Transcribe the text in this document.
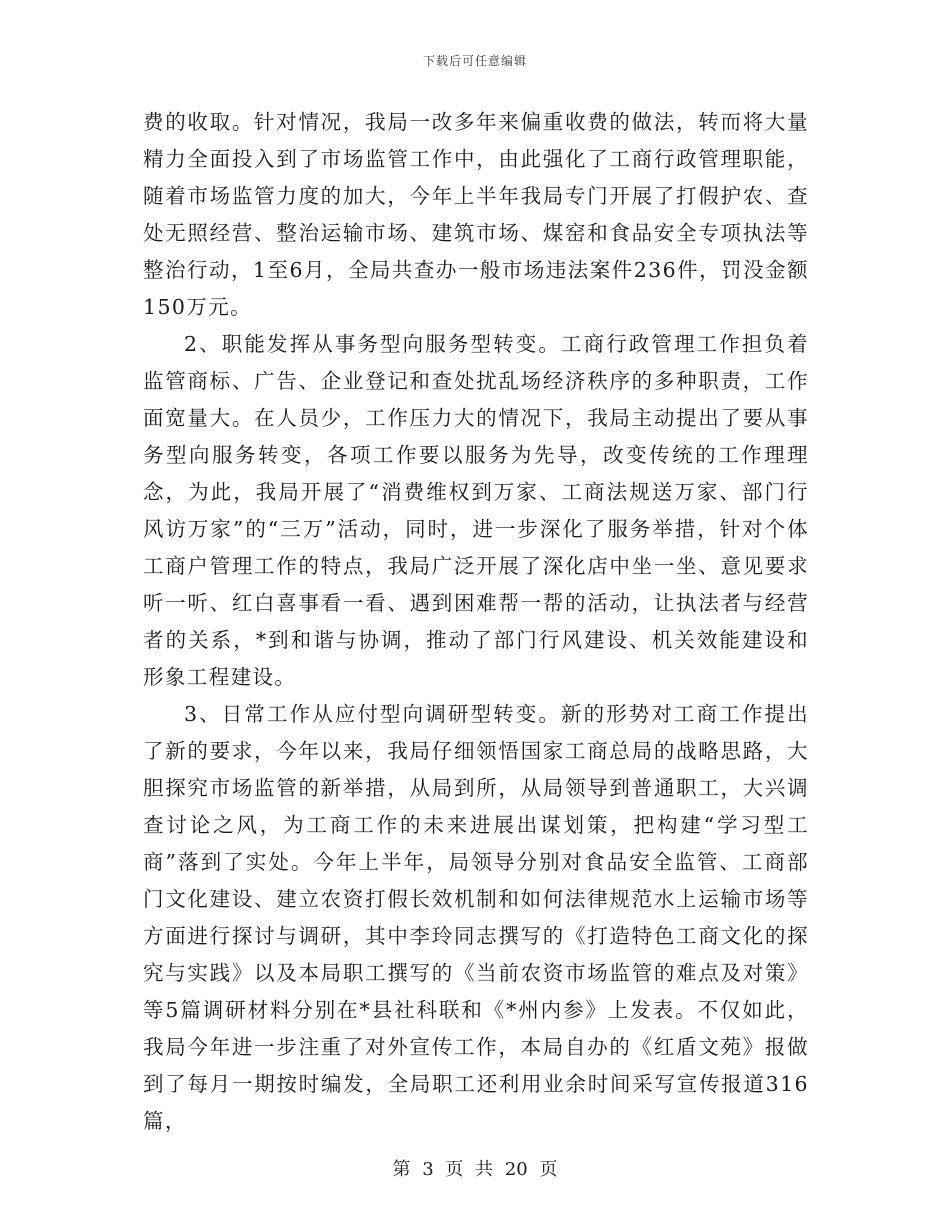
下载后可任意编辑

费的收取。针对情况，我局一改多年来偏重收费的做法，转而将大量精力全面投入到了市场监管工作中，由此强化了工商行政管理职能，随着市场监管力度的加大，今年上半年我局专门开展了打假护农、查处无照经营、整治运输市场、建筑市场、煤窑和食品安全专项执法等整治行动，1至6月，全局共查办一般市场违法案件236件，罚没金额150万元。

2、职能发挥从事务型向服务型转变。工商行政管理工作担负着监管商标、广告、企业登记和查处扰乱场经济秩序的多种职责，工作面宽量大。在人员少，工作压力大的情况下，我局主动提出了要从事务型向服务转变，各项工作要以服务为先导，改变传统的工作理理念，为此，我局开展了“消费维权到万家、工商法规送万家、部门行风访万家”的“三万”活动，同时，进一步深化了服务举措，针对个体工商户管理工作的特点，我局广泛开展了深化店中坐一坐、意见要求听一听、红白喜事看一看、遇到困难帮一帮的活动，让执法者与经营者的关系，*到和谐与协调，推动了部门行风建设、机关效能建设和形象工程建设。

3、日常工作从应付型向调研型转变。新的形势对工商工作提出了新的要求，今年以来，我局仔细领悟国家工商总局的战略思路，大胆探究市场监管的新举措，从局到所，从局领导到普通职工，大兴调查讨论之风，为工商工作的未来进展出谋划策，把构建“学习型工商”落到了实处。今年上半年，局领导分别对食品安全监管、工商部门文化建设、建立农资打假长效机制和如何法律规范水上运输市场等方面进行探讨与调研，其中李玲同志撰写的《打造特色工商文化的探究与实践》以及本局职工撰写的《当前农资市场监管的难点及对策》等5篇调研材料分别在*县社科联和《*州内参》上发表。不仅如此，我局今年进一步注重了对外宣传工作，本局自办的《红盾文苑》报做到了每月一期按时编发，全局职工还利用业余时间采写宣传报道316篇，

第 3 页 共 20 页
